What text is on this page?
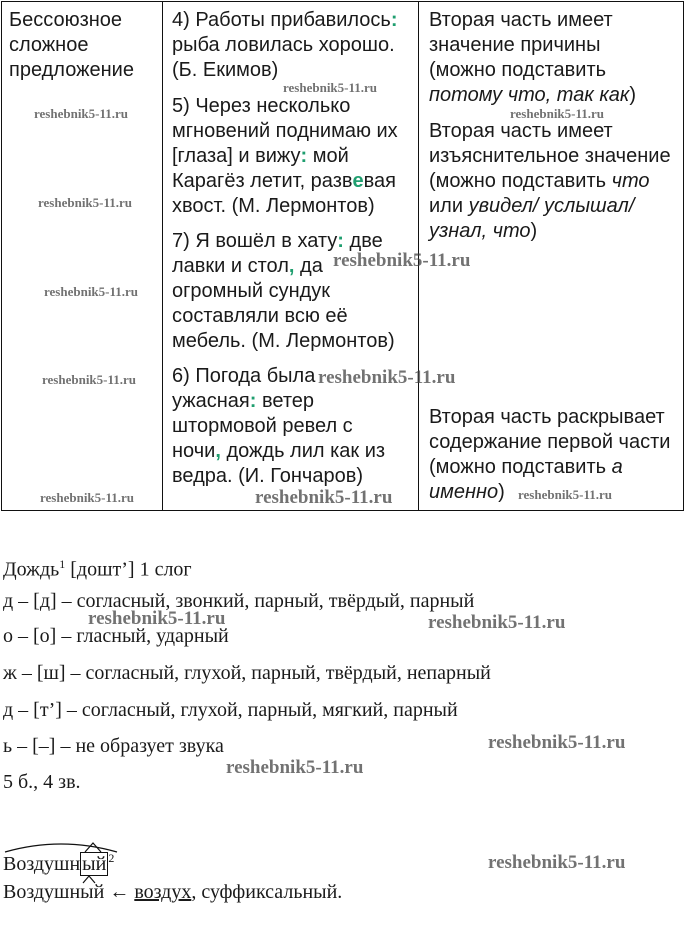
Бессоюзное
сложное
предложение
4) Работы прибавилось:
рыба ловилась хорошо.
(Б. Екимов)
5) Через несколько
мгновений поднимаю их
[глаза] и вижу: мой
Карагёз летит, развевая
хвост. (М. Лермонтов)
7) Я вошёл в хату: две
лавки и стол, да
огромный сундук
составляли всю её
мебель. (М. Лермонтов)
6) Погода была
ужасная: ветер
штормовой ревел с
ночи, дождь лил как из
ведра. (И. Гончаров)
Вторая часть имеет
значение причины
(можно подставить
потому что, так как)
Вторая часть имеет
изъяснительное значение
(можно подставить что
или увидел/ услышал/
узнал, что)
Вторая часть раскрывает
содержание первой части
(можно подставить а
именно)
Дождь$^1$ [дошт’] 1 слог
д – [д] – согласный, звонкий, парный, твёрдый, парный
о – [о] – гласный, ударный
ж – [ш] – согласный, глухой, парный, твёрдый, непарный
д – [т’] – согласный, глухой, парный, мягкий, парный
ь – [–] – не образует звука
5 б., 4 зв.
Воздушн ый $^2$
Воздушный ← воздух, суффиксальный.
reshebnik5-11.ru
reshebnik5-11.ru
reshebnik5-11.ru
reshebnik5-11.ru
reshebnik5-11.ru
reshebnik5-11.ru
reshebnik5-11.ru
reshebnik5-11.ru
reshebnik5-11.ru
reshebnik5-11.ru
reshebnik5-11.ru
reshebnik5-11.ru	reshebnik5-11.ru
reshebnik5-11.ru
reshebnik5-11.ru
reshebnik5-11.ru
